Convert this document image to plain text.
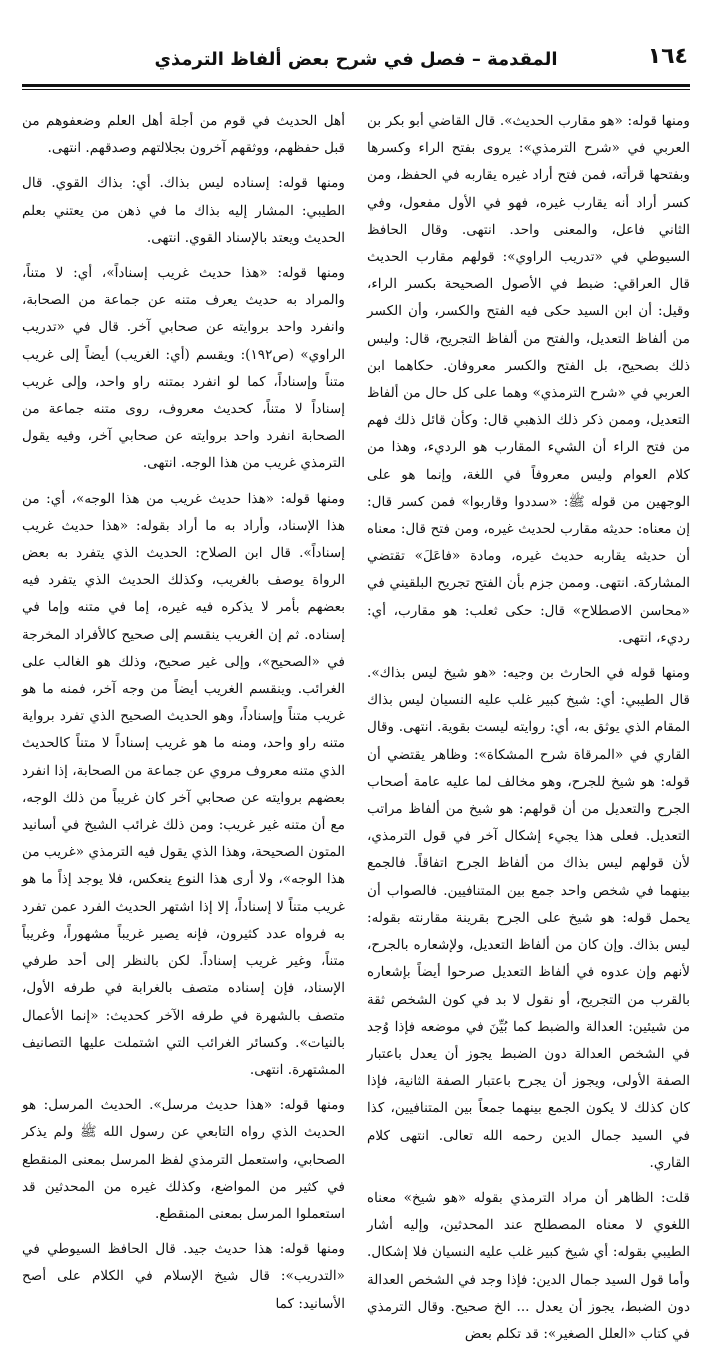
١٦٤
المقدمة – فصل في شرح بعض ألفاظ الترمذي

ومنها قوله: «هو مقارب الحديث». قال القاضي أبو بكر بن العربي في «شرح الترمذي»: يروى بفتح الراء وكسرها وبفتحها قرأته، فمن فتح أراد غيره يقاربه في الحفظ، ومن كسر أراد أنه يقارب غيره، فهو في الأول مفعول، وفي الثاني فاعل، والمعنى واحد. انتهى. وقال الحافظ السيوطي في «تدريب الراوي»: قولهم مقارب الحديث قال العراقي: ضبط في الأصول الصحيحة بكسر الراء، وقيل: أن ابن السيد حكى فيه الفتح والكسر، وأن الكسر من ألفاظ التعديل، والفتح من ألفاظ التجريح، قال: وليس ذلك بصحيح، بل الفتح والكسر معروفان. حكاهما ابن العربي في «شرح الترمذي» وهما على كل حال من ألفاظ التعديل، وممن ذكر ذلك الذهبي قال: وكأن قائل ذلك فهم من فتح الراء أن الشيء المقارب هو الرديء، وهذا من كلام العوام وليس معروفاً في اللغة، وإنما هو على الوجهين من قوله ﷺ: «سددوا وقاربوا» فمن كسر قال: إن معناه: حديثه مقارب لحديث غيره، ومن فتح قال: معناه أن حديثه يقاربه حديث غيره، ومادة «فاعَلَ» تقتضي المشاركة. انتهى. وممن جزم بأن الفتح تجريح البلقيني في «محاسن الاصطلاح» قال: حكى ثعلب: هو مقارب، أي: رديء، انتهى.

ومنها قوله في الحارث بن وجيه: «هو شيخ ليس بذاك». قال الطيبي: أي: شيخ كبير غلب عليه النسيان ليس بذاك المقام الذي يوثق به، أي: روايته ليست بقوية. انتهى. وقال القاري في «المرقاة شرح المشكاة»: وظاهر يقتضي أن قوله: هو شيخ للجرح، وهو مخالف لما عليه عامة أصحاب الجرح والتعديل من أن قولهم: هو شيخ من ألفاظ مراتب التعديل. فعلى هذا يجيء إشكال آخر في قول الترمذي، لأن قولهم ليس بذاك من ألفاظ الجرح اتفاقاً. فالجمع بينهما في شخص واحد جمع بين المتنافيين. فالصواب أن يحمل قوله: هو شيخ على الجرح بقرينة مقارنته بقوله: ليس بذاك. وإن كان من ألفاظ التعديل، ولإشعاره بالجرح، لأنهم وإن عدوه في ألفاظ التعديل صرحوا أيضاً بإشعاره بالقرب من التجريح، أو نقول لا بد في كون الشخص ثقة من شيئين: العدالة والضبط كما بُيِّنَ في موضعه فإذا وُجد في الشخص العدالة دون الضبط يجوز أن يعدل باعتبار الصفة الأولى، ويجوز أن يجرح باعتبار الصفة الثانية، فإذا كان كذلك لا يكون الجمع بينهما جمعاً بين المتنافيين، كذا في السيد جمال الدين رحمه الله تعالى. انتهى كلام القاري.

قلت: الظاهر أن مراد الترمذي بقوله «هو شيخ» معناه اللغوي لا معناه المصطلح عند المحدثين، وإليه أشار الطيبي بقوله: أي شيخ كبير غلب عليه النسيان فلا إشكال. وأما قول السيد جمال الدين: فإذا وجد في الشخص العدالة دون الضبط، يجوز أن يعدل ... الخ صحيح. وقال الترمذي في كتاب «العلل الصغير»: قد تكلم بعض

أهل الحديث في قوم من أجلة أهل العلم وضعفوهم من قبل حفظهم، ووثقهم آخرون بجلالتهم وصدقهم. انتهى.

ومنها قوله: إسناده ليس بذاك. أي: بذاك القوي. قال الطيبي: المشار إليه بذاك ما في ذهن من يعتني بعلم الحديث ويعتد بالإسناد القوي. انتهى.

ومنها قوله: «هذا حديث غريب إسناداً»، أي: لا متناً، والمراد به حديث يعرف متنه عن جماعة من الصحابة، وانفرد واحد بروايته عن صحابي آخر. قال في «تدريب الراوي» (ص١٩٢): ويقسم (أي: الغريب) أيضاً إلى غريب متناً وإسناداً، كما لو انفرد بمتنه راو واحد، وإلى غريب إسناداً لا متناً، كحديث معروف، روى متنه جماعة من الصحابة انفرد واحد بروايته عن صحابي آخر، وفيه يقول الترمذي غريب من هذا الوجه. انتهى.

ومنها قوله: «هذا حديث غريب من هذا الوجه»، أي: من هذا الإسناد، وأراد به ما أراد بقوله: «هذا حديث غريب إسناداً». قال ابن الصلاح: الحديث الذي يتفرد به بعض الرواة يوصف بالغريب، وكذلك الحديث الذي يتفرد فيه بعضهم بأمر لا يذكره فيه غيره، إما في متنه وإما في إسناده. ثم إن الغريب ينقسم إلى صحيح كالأفراد المخرجة في «الصحيح»، وإلى غير صحيح، وذلك هو الغالب على الغرائب. وينقسم الغريب أيضاً من وجه آخر، فمنه ما هو غريب متناً وإسناداً، وهو الحديث الصحيح الذي تفرد برواية متنه راو واحد، ومنه ما هو غريب إسناداً لا متناً كالحديث الذي متنه معروف مروي عن جماعة من الصحابة، إذا انفرد بعضهم بروايته عن صحابي آخر كان غريباً من ذلك الوجه، مع أن متنه غير غريب: ومن ذلك غرائب الشيخ في أسانيد المتون الصحيحة، وهذا الذي يقول فيه الترمذي «غريب من هذا الوجه»، ولا أرى هذا النوع ينعكس، فلا يوجد إذاً ما هو غريب متناً لا إسناداً، إلا إذا اشتهر الحديث الفرد عمن تفرد به فرواه عدد كثيرون، فإنه يصير غريباً مشهوراً، وغريباً متناً، وغير غريب إسناداً. لكن بالنظر إلى أحد طرفي الإسناد، فإن إسناده متصف بالغرابة في طرفه الأول، متصف بالشهرة في طرفه الآخر كحديث: «إنما الأعمال بالنيات». وكسائر الغرائب التي اشتملت عليها التصانيف المشتهرة. انتهى.

ومنها قوله: «هذا حديث مرسل». الحديث المرسل: هو الحديث الذي رواه التابعي عن رسول الله ﷺ ولم يذكر الصحابي، واستعمل الترمذي لفظ المرسل بمعنى المنقطع في كثير من المواضع، وكذلك غيره من المحدثين قد استعملوا المرسل بمعنى المنقطع.

ومنها قوله: هذا حديث جيد. قال الحافظ السيوطي في «التدريب»: قال شيخ الإسلام في الكلام على أصح الأسانيد: كما
